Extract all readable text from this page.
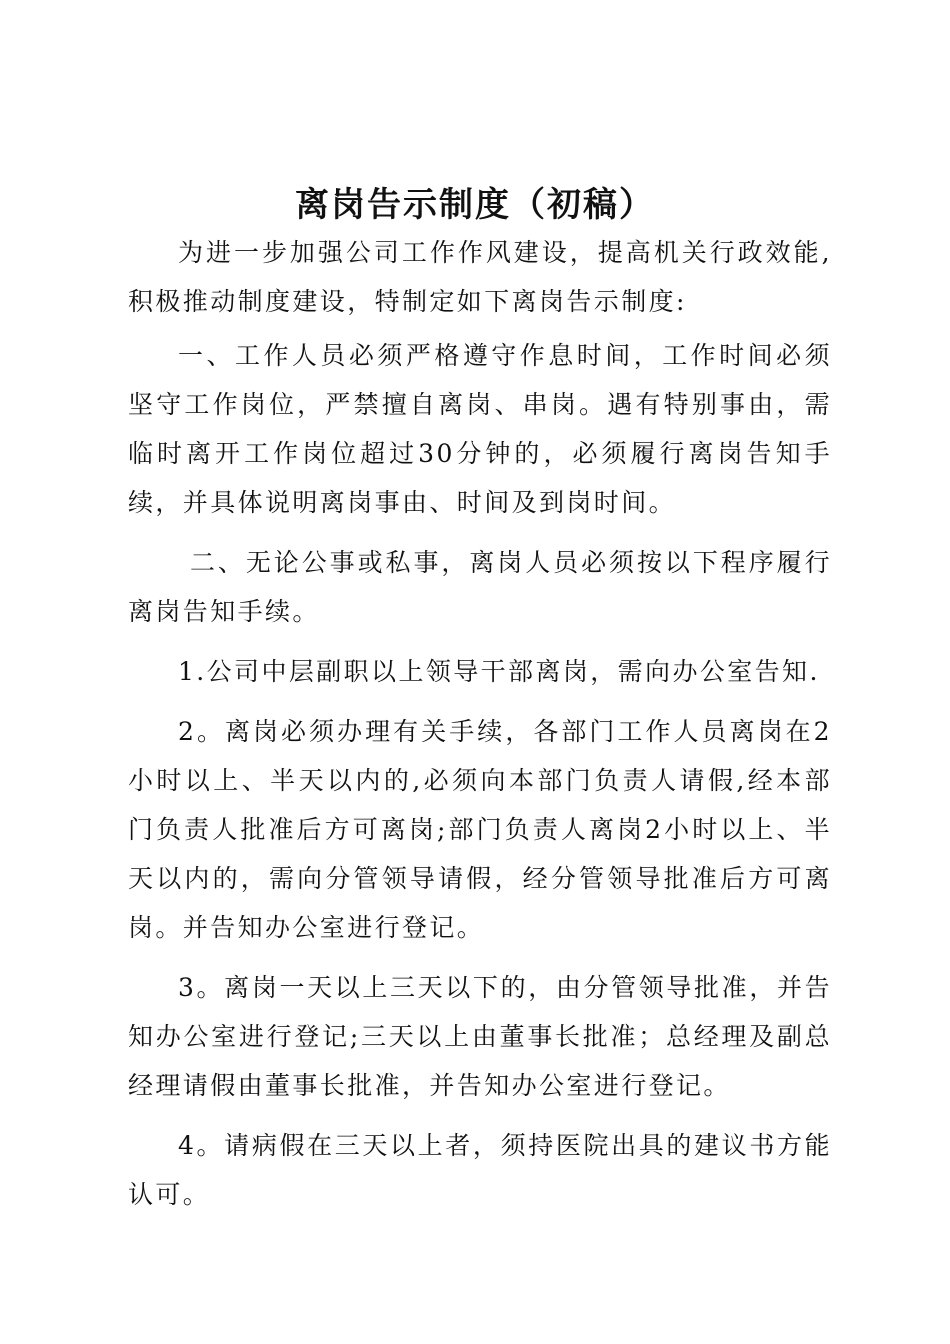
离岗告示制度（初稿）

为进一步加强公司工作作风建设，提高机关行政效能,积极推动制度建设，特制定如下离岗告示制度:

一、工作人员必须严格遵守作息时间，工作时间必须坚守工作岗位，严禁擅自离岗、串岗。遇有特别事由，需临时离开工作岗位超过30分钟的，必须履行离岗告知手续，并具体说明离岗事由、时间及到岗时间。

二、无论公事或私事，离岗人员必须按以下程序履行离岗告知手续。

1.公司中层副职以上领导干部离岗，需向办公室告知.

2。离岗必须办理有关手续，各部门工作人员离岗在2小时以上、半天以内的,必须向本部门负责人请假,经本部门负责人批准后方可离岗;部门负责人离岗2小时以上、半天以内的，需向分管领导请假，经分管领导批准后方可离岗。并告知办公室进行登记。

3。离岗一天以上三天以下的，由分管领导批准，并告知办公室进行登记;三天以上由董事长批准；总经理及副总经理请假由董事长批准，并告知办公室进行登记。

4。请病假在三天以上者，须持医院出具的建议书方能认可。
